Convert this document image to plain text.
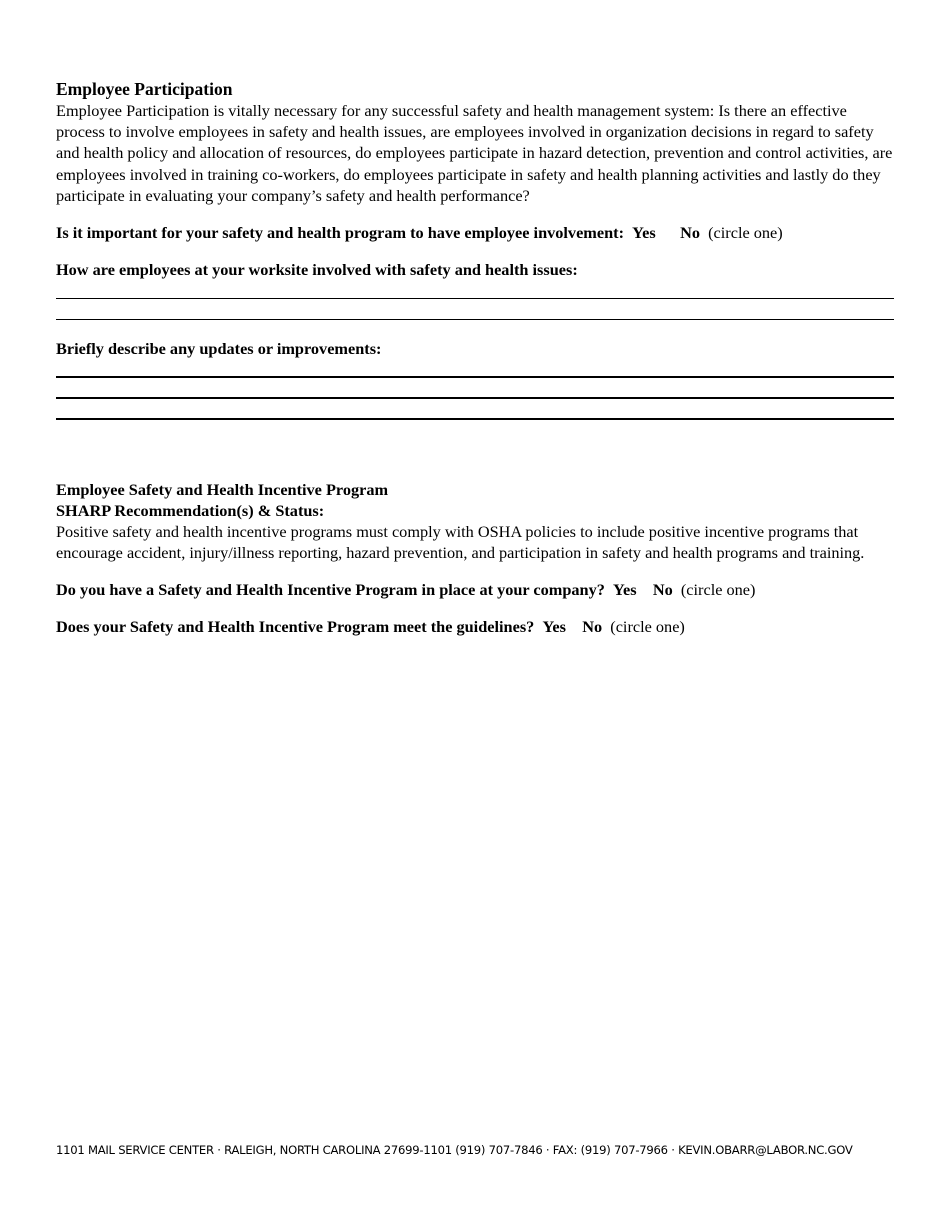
Employee Participation

Employee Participation is vitally necessary for any successful safety and health management system: Is there an effective process to involve employees in safety and health issues, are employees involved in organization decisions in regard to safety and health policy and allocation of resources, do employees participate in hazard detection, prevention and control activities, are employees involved in training co-workers, do employees participate in safety and health planning activities and lastly do they participate in evaluating your company’s safety and health performance?

Is it important for your safety and health program to have employee involvement: Yes No (circle one)

How are employees at your worksite involved with safety and health issues:

Briefly describe any updates or improvements:

Employee Safety and Health Incentive Program

SHARP Recommendation(s) & Status:

Positive safety and health incentive programs must comply with OSHA policies to include positive incentive programs that encourage accident, injury/illness reporting, hazard prevention, and participation in safety and health programs and training.

Do you have a Safety and Health Incentive Program in place at your company? Yes No (circle one)

Does your Safety and Health Incentive Program meet the guidelines? Yes No (circle one)

1101 MAIL SERVICE CENTER · RALEIGH, NORTH CAROLINA 27699-1101 (919) 707-7846 · FAX: (919) 707-7966 · KEVIN.OBARR@LABOR.NC.GOV
